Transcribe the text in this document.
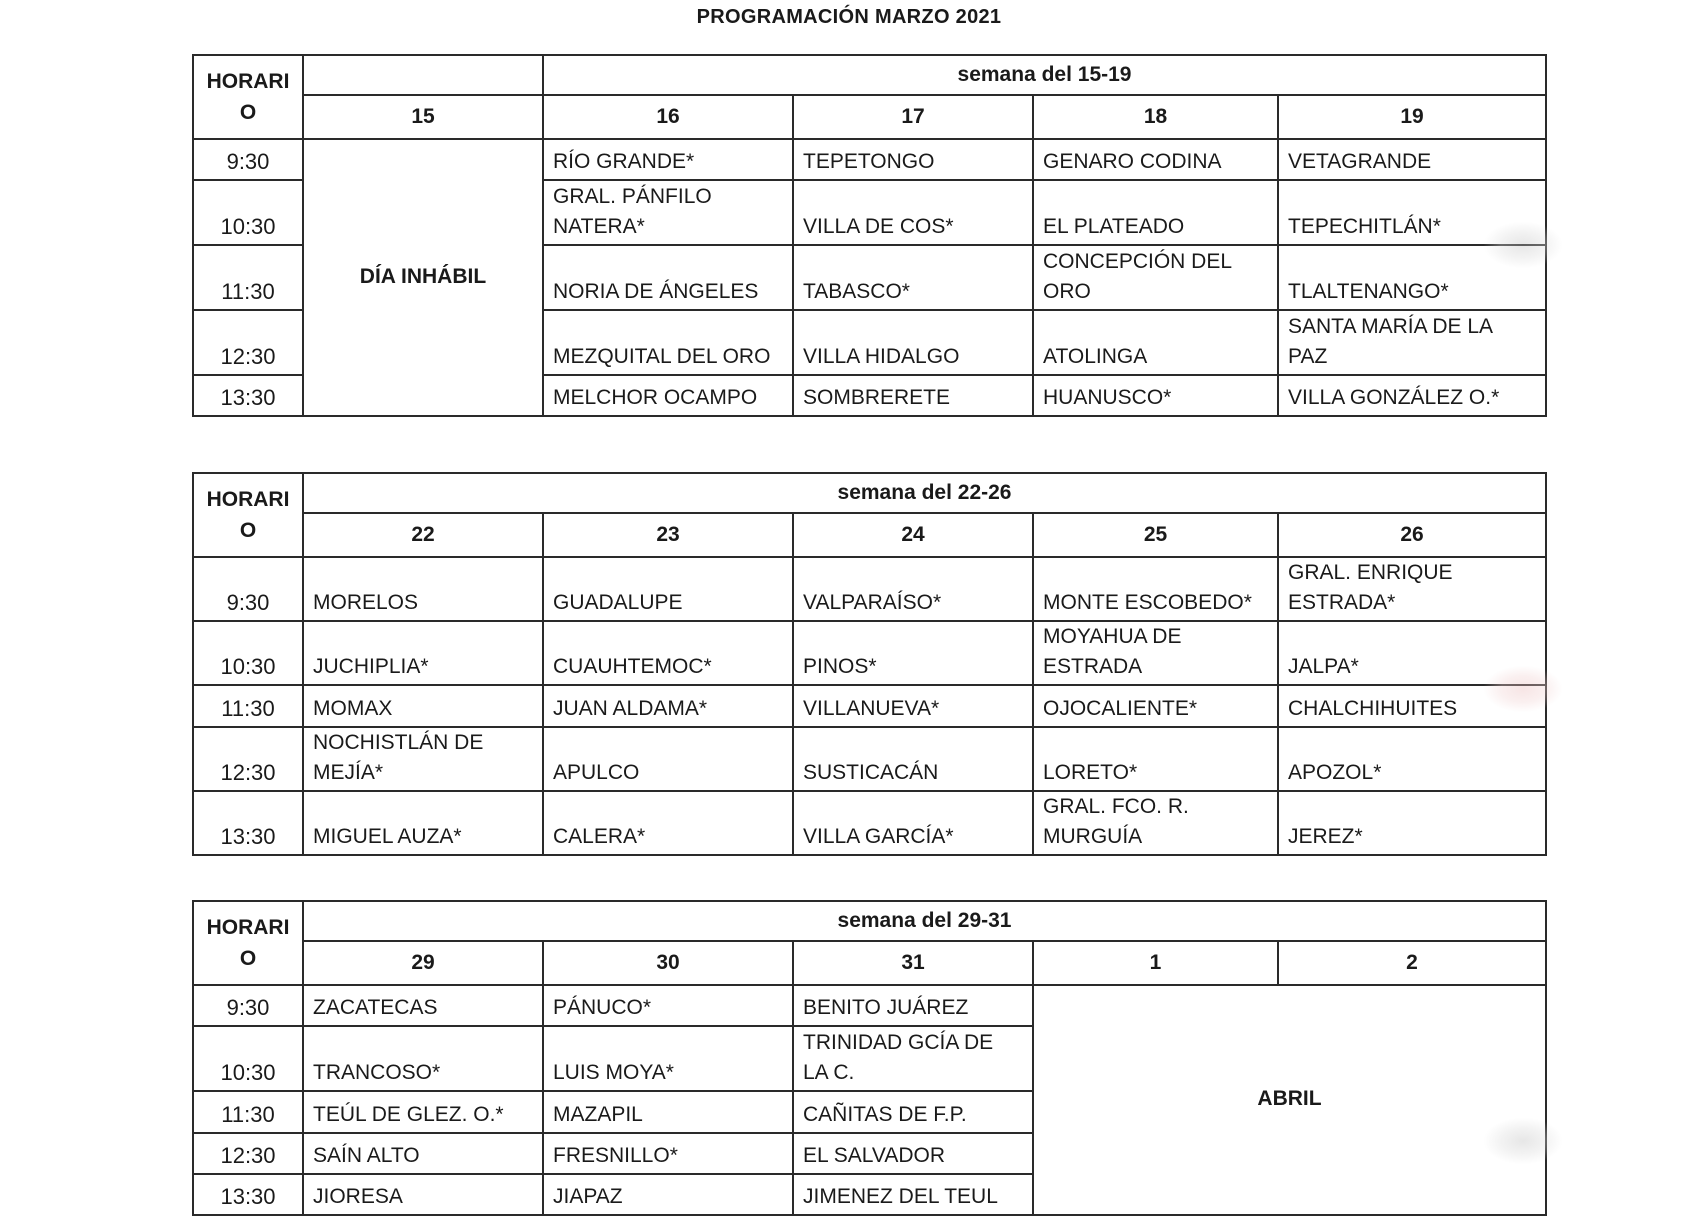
PROGRAMACIÓN MARZO 2021
HORARI O		semana del 15-19			
	15	16	17	18	19
9:30	DÍA INHÁBIL	RÍO GRANDE*	TEPETONGO	GENARO CODINA	VETAGRANDE
10:30		GRAL. PÁNFILO NATERA*	VILLA DE COS*	EL PLATEADO	TEPECHITLÁN*
11:30		NORIA DE ÁNGELES	TABASCO*	CONCEPCIÓN DEL ORO	TLALTENANGO*
12:30		MEZQUITAL DEL ORO	VILLA HIDALGO	ATOLINGA	SANTA MARÍA DE LA PAZ
13:30		MELCHOR OCAMPO	SOMBRERETE	HUANUSCO*	VILLA GONZÁLEZ O.*
HORARI O	semana del 22-26				
	22	23	24	25	26
9:30	MORELOS	GUADALUPE	VALPARAÍSO*	MONTE ESCOBEDO*	GRAL. ENRIQUE ESTRADA*
10:30	JUCHIPLIA*	CUAUHTEMOC*	PINOS*	MOYAHUA DE ESTRADA	JALPA*
11:30	MOMAX	JUAN ALDAMA*	VILLANUEVA*	OJOCALIENTE*	CHALCHIHUITES
12:30	NOCHISTLÁN DE MEJÍA*	APULCO	SUSTICACÁN	LORETO*	APOZOL*
13:30	MIGUEL AUZA*	CALERA*	VILLA GARCÍA*	GRAL. FCO. R. MURGUÍA	JEREZ*
HORARI O	semana del 29-31				
	29	30	31	1	2
9:30	ZACATECAS	PÁNUCO*	BENITO JUÁREZ	ABRIL	
10:30	TRANCOSO*	LUIS MOYA*	TRINIDAD GCÍA DE LA C.		
11:30	TEÚL DE GLEZ. O.*	MAZAPIL	CAÑITAS DE F.P.		
12:30	SAÍN ALTO	FRESNILLO*	EL SALVADOR		
13:30	JIORESA	JIAPAZ	JIMENEZ DEL TEUL		
